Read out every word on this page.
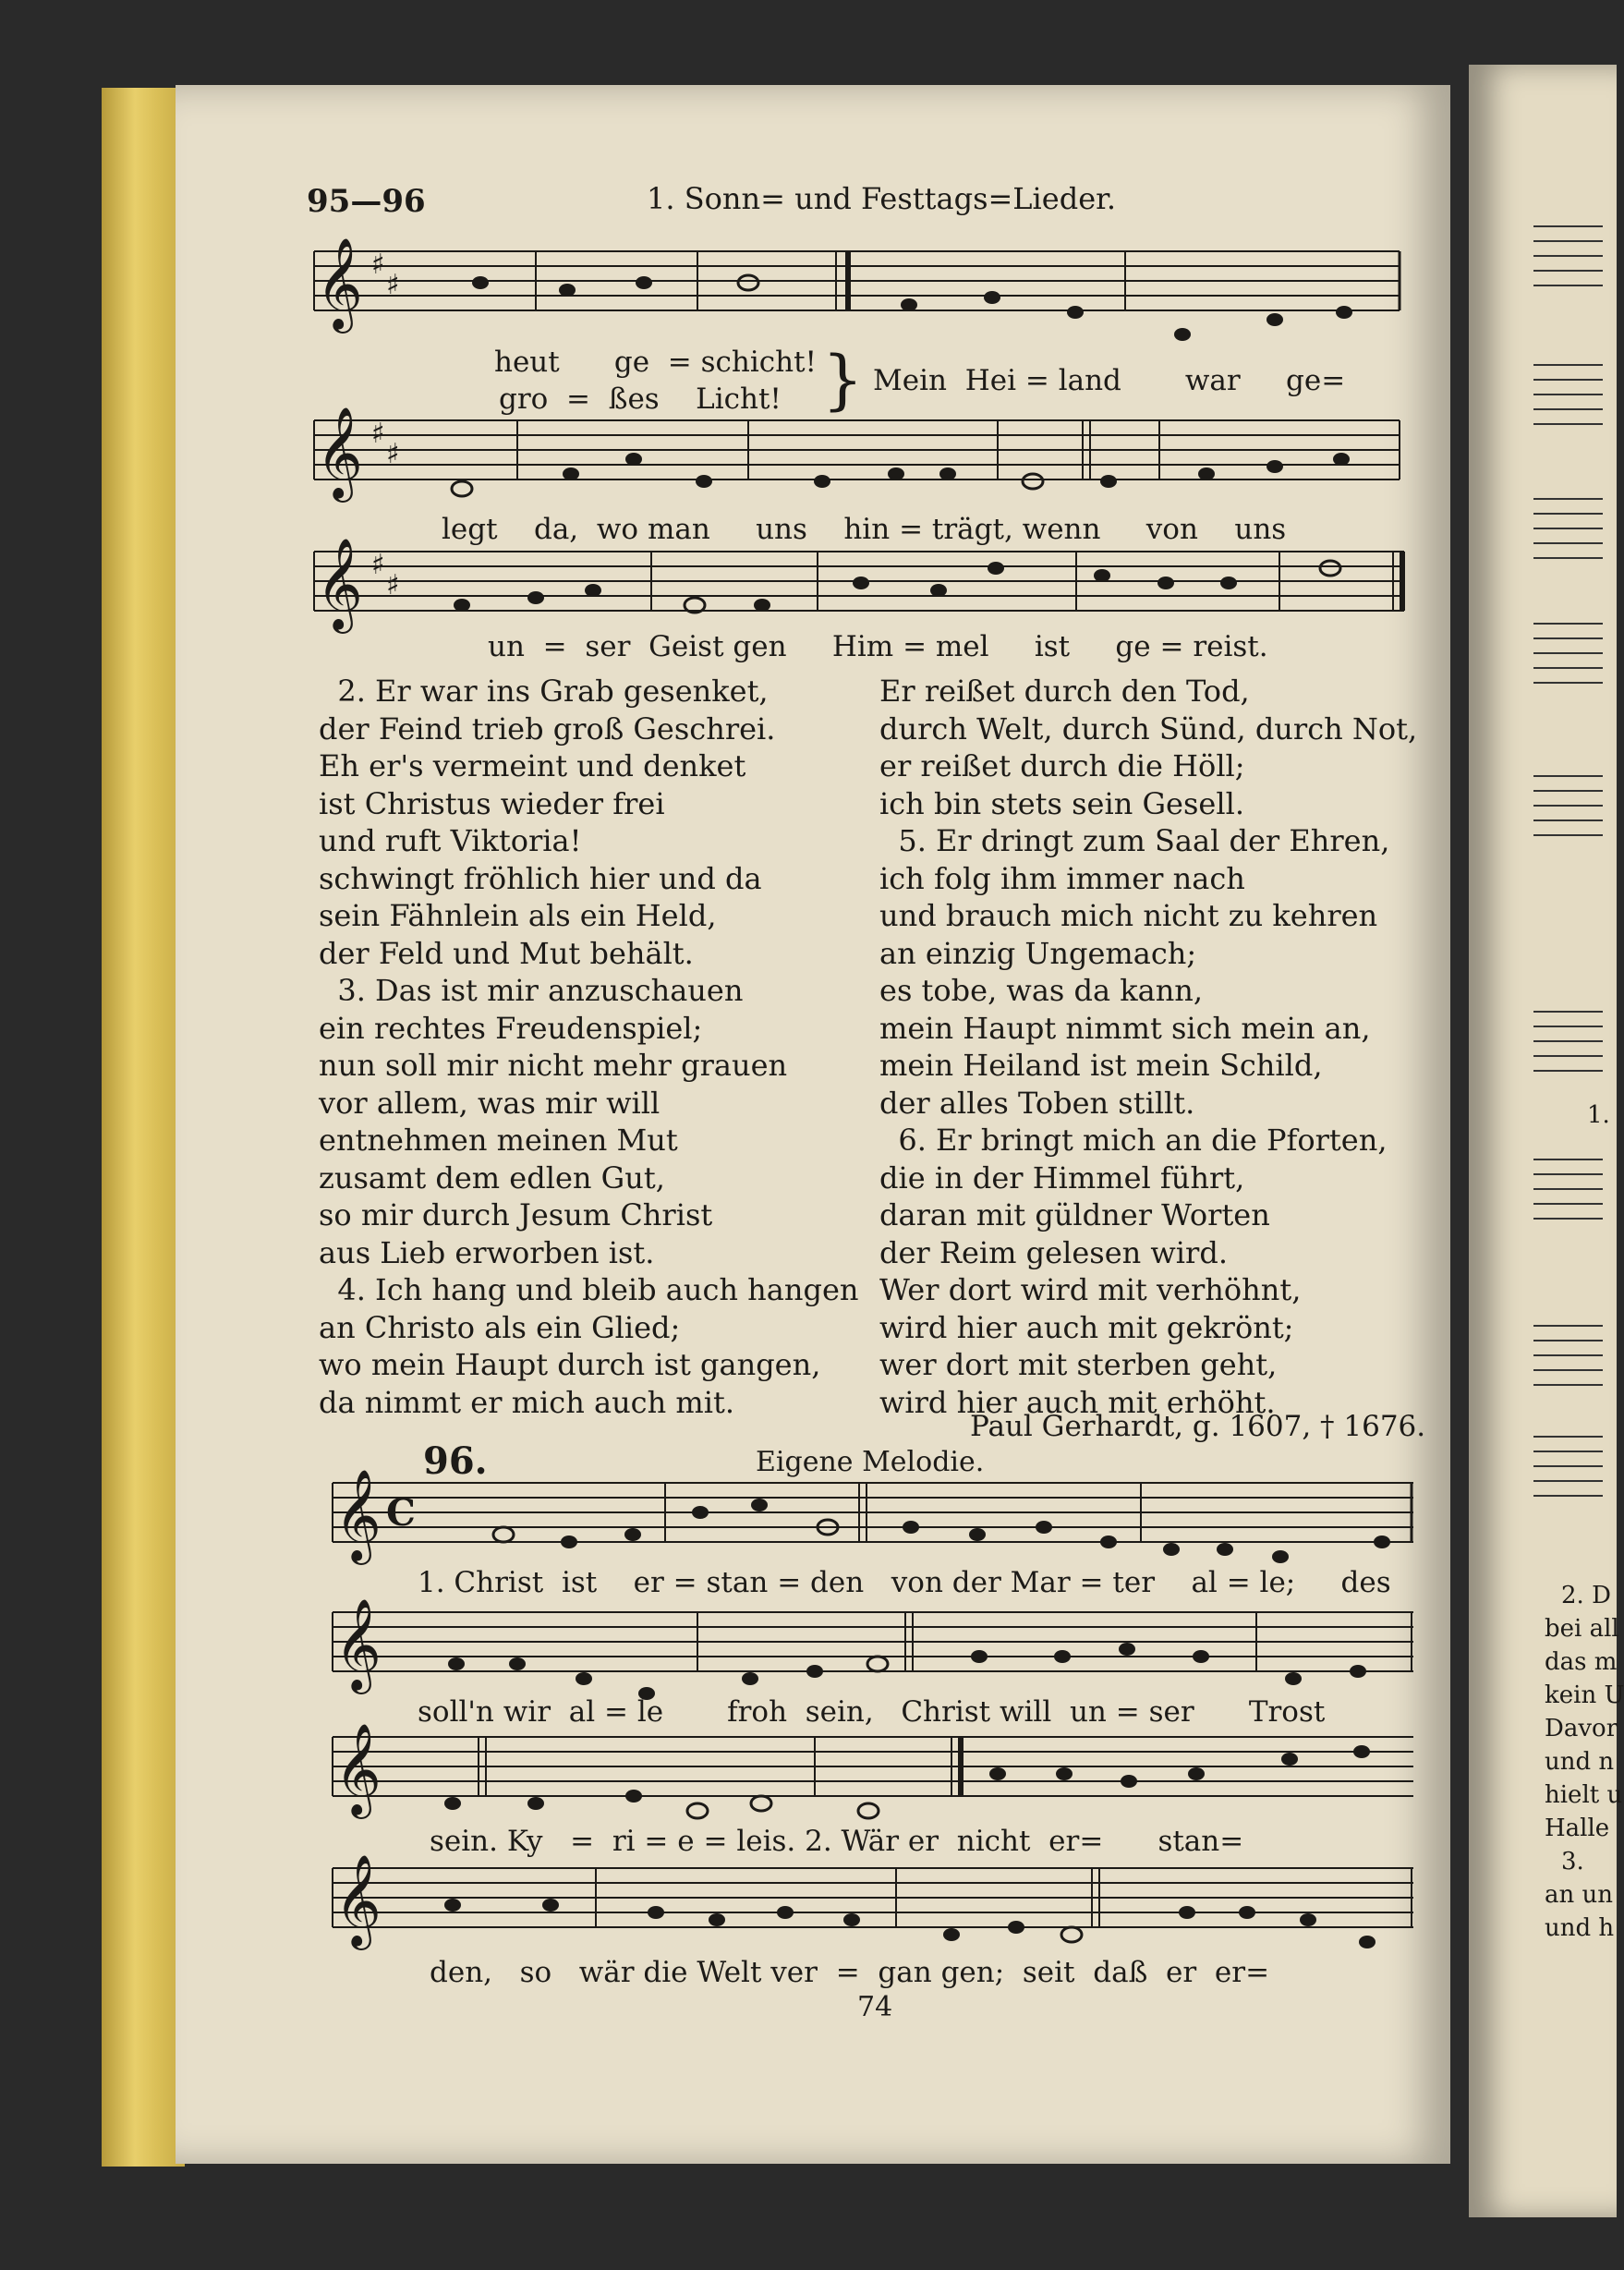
95—96	1. Sonn= und Festtags=Lieder.
𝄞 ♯
♯
𝄞 ♯
♯
𝄞 ♯
♯
𝄞 C
𝄞
𝄞
𝄞
heut ge = schicht!
gro = ßes Licht! } Mein Hei = land war ge=
legt da, wo man uns hin = trägt, wenn von uns
un = ser Geist gen Him = mel ist ge = reist.
2. Er war ins Grab gesenket,
der Feind trieb groß Geschrei.
Eh er's vermeint und denket
ist Christus wieder frei
und ruft Viktoria!
schwingt fröhlich hier und da
sein Fähnlein als ein Held,
der Feld und Mut behält.
3. Das ist mir anzuschauen
ein rechtes Freudenspiel;
nun soll mir nicht mehr grauen
vor allem, was mir will
entnehmen meinen Mut
zusamt dem edlen Gut,
so mir durch Jesum Christ
aus Lieb erworben ist.
4. Ich hang und bleib auch hangen
an Christo als ein Glied;
wo mein Haupt durch ist gangen,
da nimmt er mich auch mit.
Er reißet durch den Tod,
durch Welt, durch Sünd, durch Not,
er reißet durch die Höll;
ich bin stets sein Gesell.
5. Er dringt zum Saal der Ehren,
ich folg ihm immer nach
und brauch mich nicht zu kehren
an einzig Ungemach;
es tobe, was da kann,
mein Haupt nimmt sich mein an,
mein Heiland ist mein Schild,
der alles Toben stillt.
6. Er bringt mich an die Pforten,
die in der Himmel führt,
daran mit güldner Worten
der Reim gelesen wird.
Wer dort wird mit verhöhnt,
wird hier auch mit gekrönt;
wer dort mit sterben geht,
wird hier auch mit erhöht.
Paul Gerhardt, g. 1607, † 1676.
96.	Eigene Melodie.
1. Christ ist er = stan = den von der Mar = ter al = le; des
soll'n wir al = le froh sein, Christ will un = ser Trost
sein. Ky = ri = e = leis. 2. Wär er nicht er= stan=
den, so wär die Welt ver = gan gen; seit daß er er=
74
1.
2. D
bei all
das m
kein U
Davor
und n
hielt u
Halle
3.
an un
und h
